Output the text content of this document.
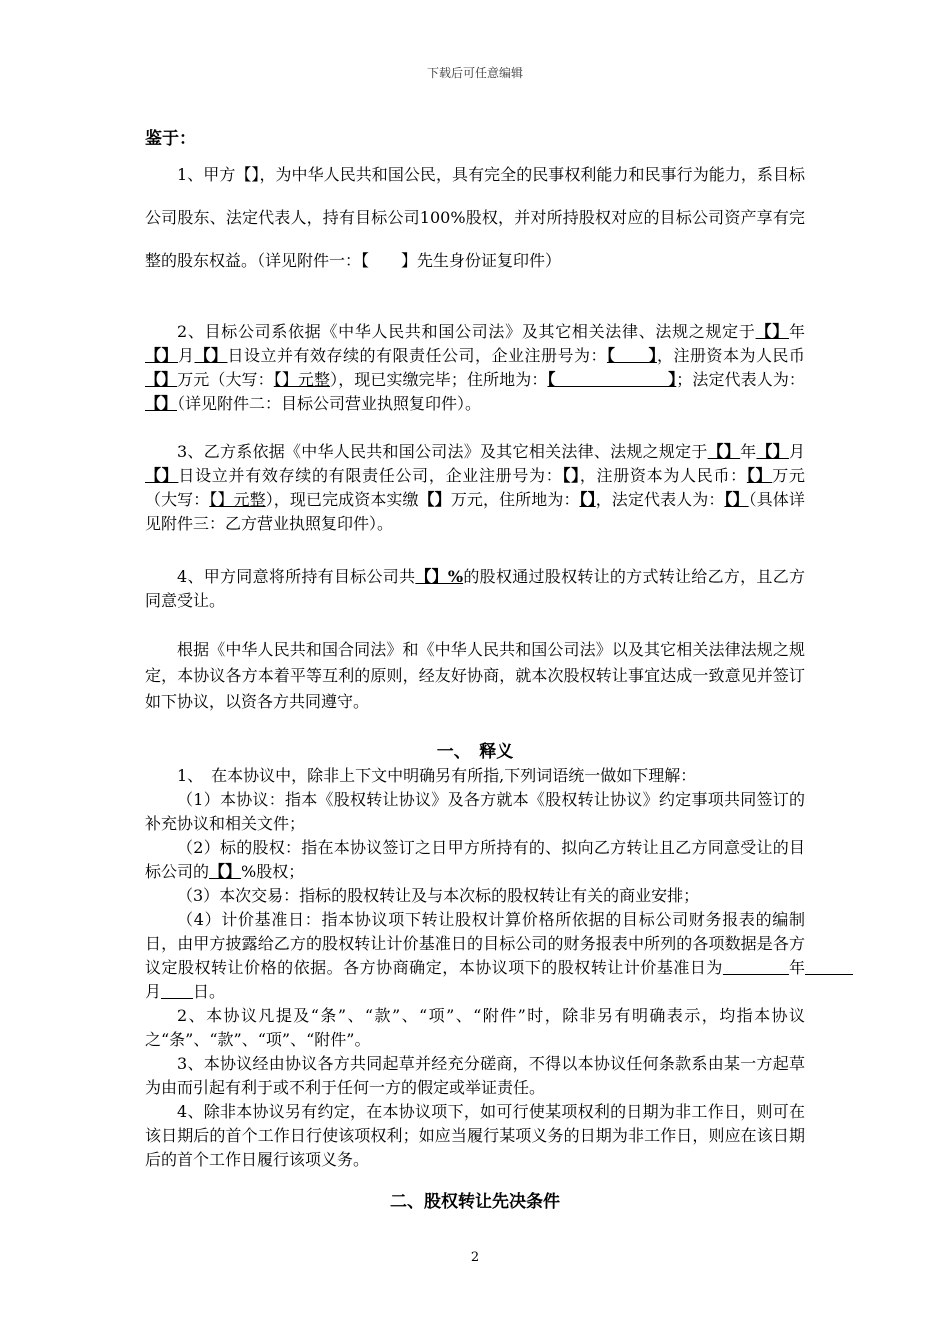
下载后可任意编辑
鉴于：

1、甲方【】，为中华人民共和国公民，具有完全的民事权利能力和民事行为能力，系目标公司股东、法定代表人，持有目标公司100%股权，并对所持股权对应的目标公司资产享有完整的股东权益。（详见附件一：【　　】先生身份证复印件）

2、目标公司系依据《中华人民共和国公司法》及其它相关法律、法规之规定于【】年【】月【】日设立并有效存续的有限责任公司，企业注册号为：【　　】，注册资本为人民币【】万元（大写：【】元整），现已实缴完毕；住所地为：【　　　　　　　】；法定代表人为：【】（详见附件二：目标公司营业执照复印件）。

3、乙方系依据《中华人民共和国公司法》及其它相关法律、法规之规定于【】年【】月【】日设立并有效存续的有限责任公司，企业注册号为：【】，注册资本为人民币：【】万元（大写：【】元整），现已完成资本实缴【】万元，住所地为：【】，法定代表人为：【】（具体详见附件三：乙方营业执照复印件）。

4、甲方同意将所持有目标公司共【】%的股权通过股权转让的方式转让给乙方，且乙方同意受让。

根据《中华人民共和国合同法》和《中华人民共和国公司法》以及其它相关法律法规之规定，本协议各方本着平等互利的原则，经友好协商，就本次股权转让事宜达成一致意见并签订如下协议，以资各方共同遵守。

一、　释义

1、　在本协议中，除非上下文中明确另有所指,下列词语统一做如下理解：

（1）本协议：指本《股权转让协议》及各方就本《股权转让协议》约定事项共同签订的补充协议和相关文件；

（2）标的股权：指在本协议签订之日甲方所持有的、拟向乙方转让且乙方同意受让的目标公司的【】%股权；

（3）本次交易：指标的股权转让及与本次标的股权转让有关的商业安排；

（4）计价基准日：指本协议项下转让股权计算价格所依据的目标公司财务报表的编制日，由甲方披露给乙方的股权转让计价基准日的目标公司的财务报表中所列的各项数据是各方议定股权转让价格的依据。各方协商确定，本协议项下的股权转让计价基准日为　　　　	年　　　月　　 日。

2、本协议凡提及“条”、“款”、“项”、“附件”时，除非另有明确表示，均指本协议之“条”、“款”、“项”、“附件”。

3、本协议经由协议各方共同起草并经充分磋商，不得以本协议任何条款系由某一方起草为由而引起有利于或不利于任何一方的假定或举证责任。

4、除非本协议另有约定，在本协议项下，如可行使某项权利的日期为非工作日，则可在该日期后的首个工作日行使该项权利；如应当履行某项义务的日期为非工作日，则应在该日期后的首个工作日履行该项义务。

二、股权转让先决条件
2
